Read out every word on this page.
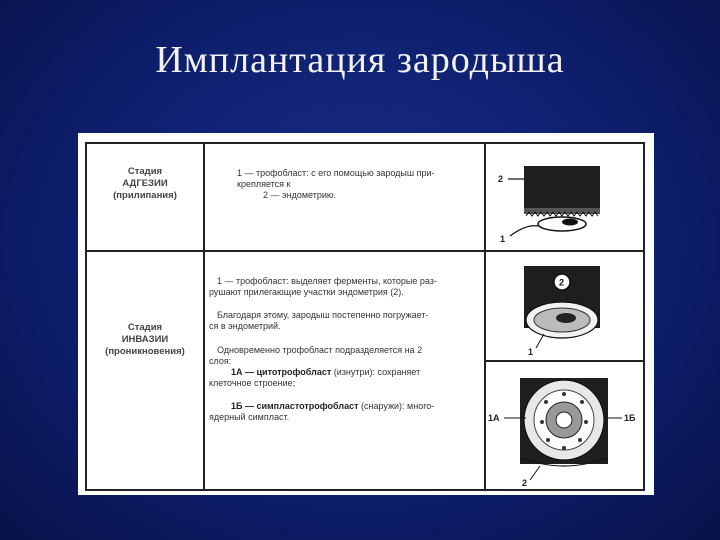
Имплантация зародыша
Стадия
АДГЕЗИИ
(прилипания)
1 — трофобласт: с его помощью зародыш при-
крепляется к
2 — эндометрию.
Стадия
ИНВАЗИИ
(проникновения)
1 — трофобласт: выделяет ферменты, которые раз-
рушают прилегающие участки эндометрия (2).
Благодаря этому, зародыш постепенно погружает-
ся в эндометрий.
Одновременно трофобласт подразделяется на 2
слоя:
1А — цитотрофобласт (изнутри): сохраняет
клеточное строение;
1Б — симпластотрофобласт (снаружи): много-
ядерный симпласт.
2
1
2
1
1А	1Б
2
